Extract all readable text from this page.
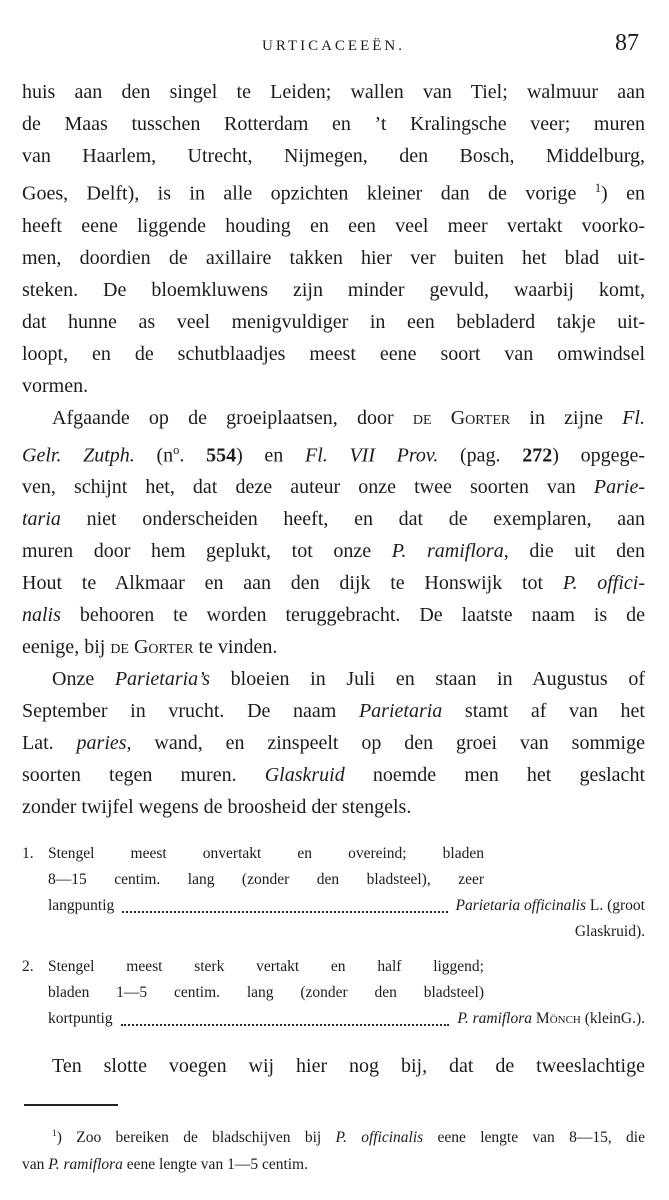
URTICACEEËN.	87
huis aan den singel te Leiden; wallen van Tiel; walmuur aan
de Maas tusschen Rotterdam en ’t Kralingsche veer; muren
van Haarlem, Utrecht, Nijmegen, den Bosch, Middelburg,
Goes, Delft), is in alle opzichten kleiner dan de vorige $^1$) en
heeft eene liggende houding en een veel meer vertakt voorko-
men, doordien de axillaire takken hier ver buiten het blad uit-
steken. De bloemkluwens zijn minder gevuld, waarbij komt,
dat hunne as veel menigvuldiger in een bebladerd takje uit-
loopt, en de schutblaadjes meest eene soort van omwindsel
vormen.
Afgaande op de groeiplaatsen, door de Gorter in zijne Fl.
Gelr. Zutph. ($n^o$. 554) en Fl. VII Prov. (pag. 272) opgege-
ven, schijnt het, dat deze auteur onze twee soorten van Parie-
taria niet onderscheiden heeft, en dat de exemplaren, aan
muren door hem geplukt, tot onze P. ramiflora, die uit den
Hout te Alkmaar en aan den dijk te Honswijk tot P. offici-
nalis behooren te worden teruggebracht. De laatste naam is de
eenige, bij de Gorter te vinden.
Onze Parietaria’s bloeien in Juli en staan in Augustus of
September in vrucht. De naam Parietaria stamt af van het
Lat. paries, wand, en zinspeelt op den groei van sommige
soorten tegen muren. Glaskruid noemde men het geslacht
zonder twijfel wegens de broosheid der stengels.
1. Stengel meest onvertakt en overeind; bladen
8—15 centim. lang (zonder den bladsteel), zeer
langpuntig	Parietaria officinalis L. (groot
Glaskruid).
2. Stengel meest sterk vertakt en half liggend;
bladen 1—5 centim. lang (zonder den bladsteel)
kortpuntig	P. ramiflora Mönch (kleinG.).
Ten slotte voegen wij hier nog bij, dat de tweeslachtige
$^1$) Zoo bereiken de bladschijven bij P. officinalis eene lengte van 8—15, die
van P. ramiflora eene lengte van 1—5 centim.
